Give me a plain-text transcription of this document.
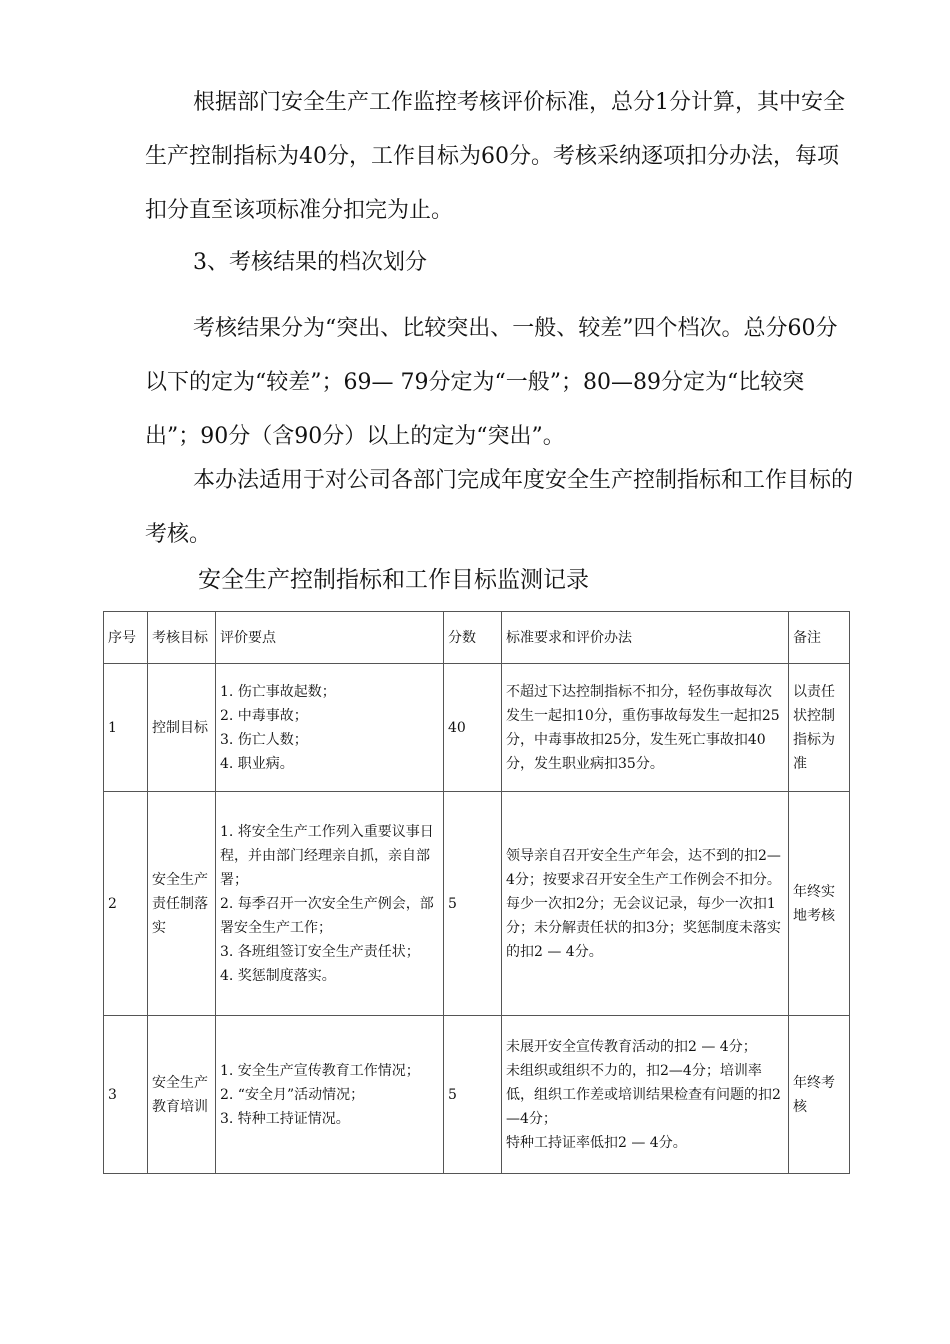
根据部门安全生产工作监控考核评价标准，总分1分计算，其中安全生产控制指标为40分，工作目标为60分。考核采纳逐项扣分办法，每项扣分直至该项标准分扣完为止。

3、考核结果的档次划分

考核结果分为“突出、比较突出、一般、较差”四个档次。总分60分以下的定为“较差”；69— 79分定为“一般”；80—89分定为“比较突出”；90分（含90分）以上的定为“突出”。

本办法适用于对公司各部门完成年度安全生产控制指标和工作目标的考核。

安全生产控制指标和工作目标监测记录

序号	考核目标	评价要点	分数	标准要求和评价办法	备注
1	控制目标	1. 伤亡事故起数；
2. 中毒事故；
3. 伤亡人数；
4. 职业病。	40	不超过下达控制指标不扣分，轻伤事故每次发生一起扣10分，重伤事故每发生一起扣25分，中毒事故扣25分，发生死亡事故扣40分，发生职业病扣35分。	以责任状控制指标为准
2	安全生产责任制落实	1. 将安全生产工作列入重要议事日程，并由部门经理亲自抓，亲自部署；
2. 每季召开一次安全生产例会，部署安全生产工作；
3. 各班组签订安全生产责任状；
4. 奖惩制度落实。	5	领导亲自召开安全生产年会，达不到的扣2—4分；按要求召开安全生产工作例会不扣分。每少一次扣2分；无会议记录，每少一次扣1分；未分解责任状的扣3分；奖惩制度未落实的扣2 — 4分。	年终实地考核
3	安全生产教育培训	1. 安全生产宣传教育工作情况；
2. “安全月”活动情况；
3. 特种工持证情况。	5	未展开安全宣传教育活动的扣2 — 4分；
未组织或组织不力的，扣2—4分；培训率低，组织工作差或培训结果检查有问题的扣2—4分；
特种工持证率低扣2 — 4分。	年终考核
